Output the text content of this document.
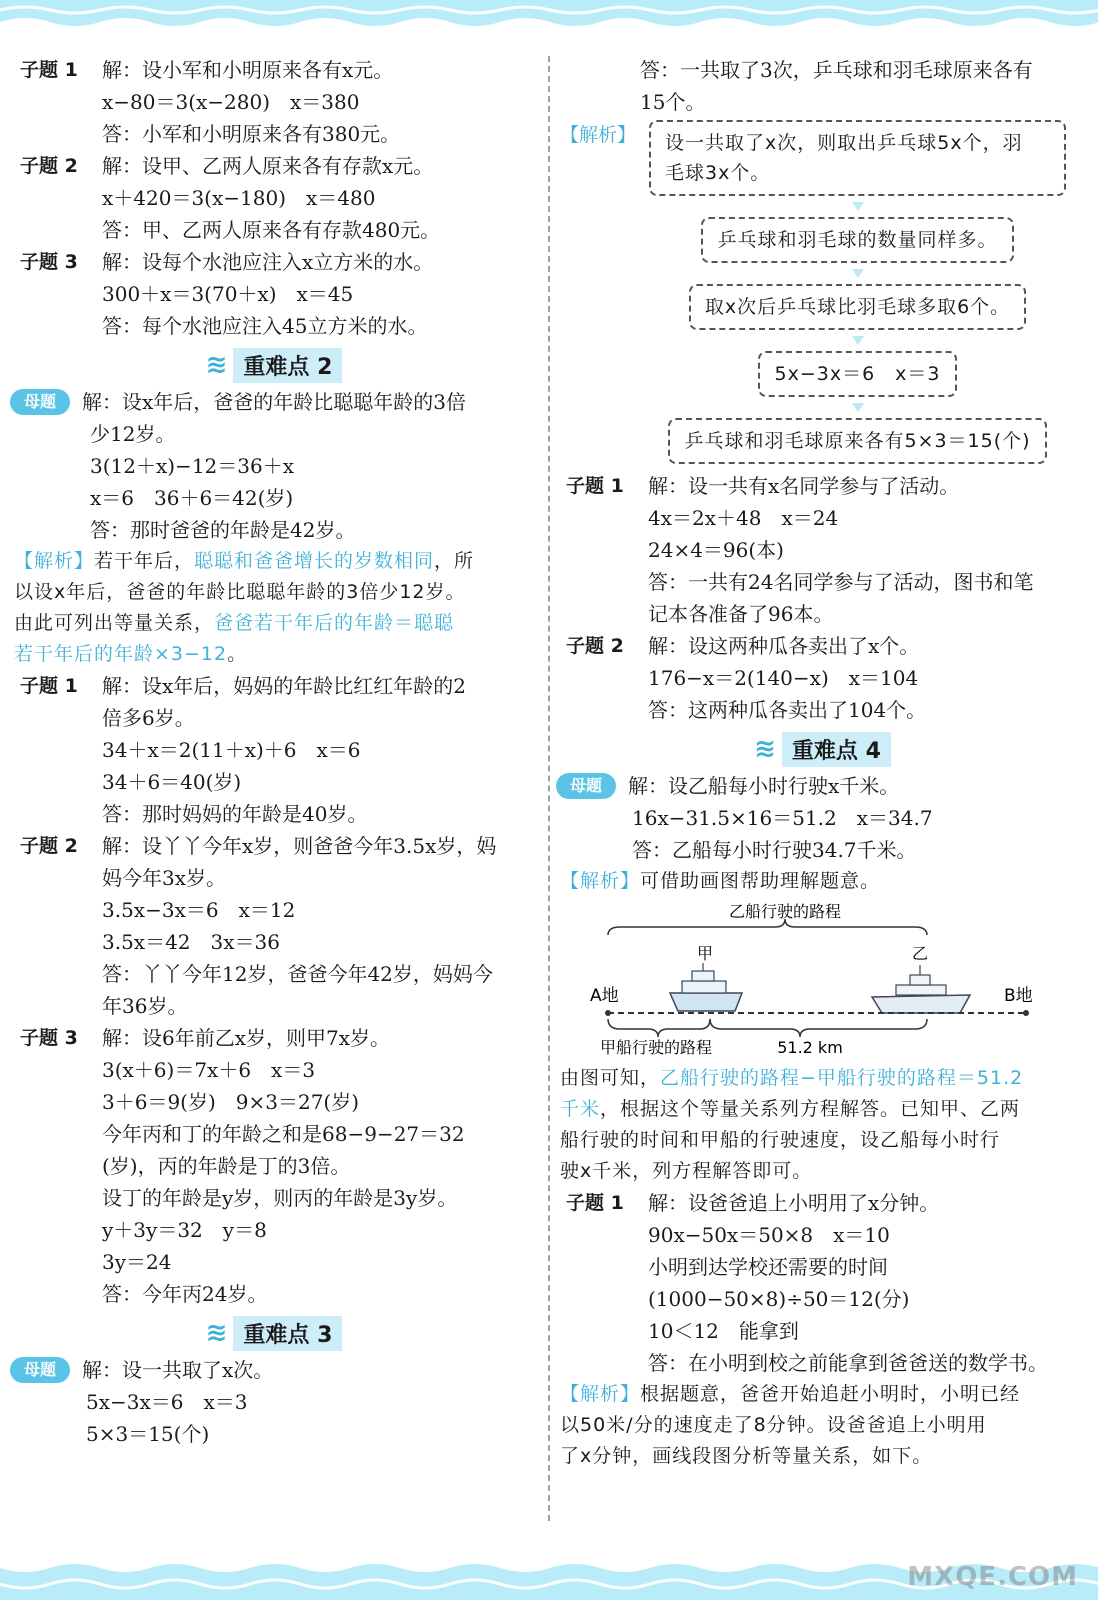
子题 1	解：设小军和小明原来各有x元。

x−80＝3(x−280)　x＝380

答：小军和小明原来各有380元。

子题 2	解：设甲、乙两人原来各有存款x元。

x＋420＝3(x−180)　x＝480

答：甲、乙两人原来各有存款480元。

子题 3	解：设每个水池应注入x立方米的水。

300＋x＝3(70＋x)　x＝45

答：每个水池应注入45立方米的水。

≋ 重难点 2
母题	解：设x年后，爸爸的年龄比聪聪年龄的3倍

少12岁。

3(12＋x)−12＝36＋x

x＝6　36＋6＝42(岁)

答：那时爸爸的年龄是42岁。

【解析】若干年后，聪聪和爸爸增长的岁数相同，所

以设x年后，爸爸的年龄比聪聪年龄的3倍少12岁。

由此可列出等量关系，爸爸若干年后的年龄＝聪聪

若干年后的年龄×3−12。

子题 1	解：设x年后，妈妈的年龄比红红年龄的2

倍多6岁。

34＋x＝2(11＋x)＋6　x＝6

34＋6＝40(岁)

答：那时妈妈的年龄是40岁。

子题 2	解：设丫丫今年x岁，则爸爸今年3.5x岁，妈

妈今年3x岁。

3.5x−3x＝6　x＝12

3.5x＝42　3x＝36

答：丫丫今年12岁，爸爸今年42岁，妈妈今

年36岁。

子题 3	解：设6年前乙x岁，则甲7x岁。

3(x＋6)＝7x＋6　x＝3

3＋6＝9(岁)　9×3＝27(岁)

今年丙和丁的年龄之和是68−9−27＝32

(岁)，丙的年龄是丁的3倍。

设丁的年龄是y岁，则丙的年龄是3y岁。

y＋3y＝32　y＝8

3y＝24

答：今年丙24岁。

≋ 重难点 3
母题	解：设一共取了x次。

5x−3x＝6　x＝3

5×3＝15(个)

答：一共取了3次，乒乓球和羽毛球原来各有

15个。

【解析】 设一共取了x次，则取出乒乓球5x个，羽
毛球3x个。
乒乓球和羽毛球的数量同样多。
取x次后乒乓球比羽毛球多取6个。
5x−3x＝6　x＝3
乒乓球和羽毛球原来各有5×3＝15(个)
子题 1	解：设一共有x名同学参与了活动。

4x＝2x＋48　x＝24

24×4＝96(本)

答：一共有24名同学参与了活动，图书和笔

记本各准备了96本。

子题 2	解：设这两种瓜各卖出了x个。

176−x＝2(140−x)　x＝104

答：这两种瓜各卖出了104个。

≋ 重难点 4
母题	解：设乙船每小时行驶x千米。

16x−31.5×16＝51.2　x＝34.7

答：乙船每小时行驶34.7千米。

【解析】可借助画图帮助理解题意。

乙船行驶的路程
甲	乙
A地	B地
甲船行驶的路程	51.2 km

由图可知，乙船行驶的路程−甲船行驶的路程＝51.2

千米，根据这个等量关系列方程解答。已知甲、乙两

船行驶的时间和甲船的行驶速度，设乙船每小时行

驶x千米，列方程解答即可。

子题 1	解：设爸爸追上小明用了x分钟。

90x−50x＝50×8　x＝10

小明到达学校还需要的时间

(1000−50×8)÷50＝12(分)

10＜12　能拿到

答：在小明到校之前能拿到爸爸送的数学书。

【解析】根据题意，爸爸开始追赶小明时，小明已经

以50米/分的速度走了8分钟。设爸爸追上小明用

了x分钟，画线段图分析等量关系，如下。

MXQE.COM
